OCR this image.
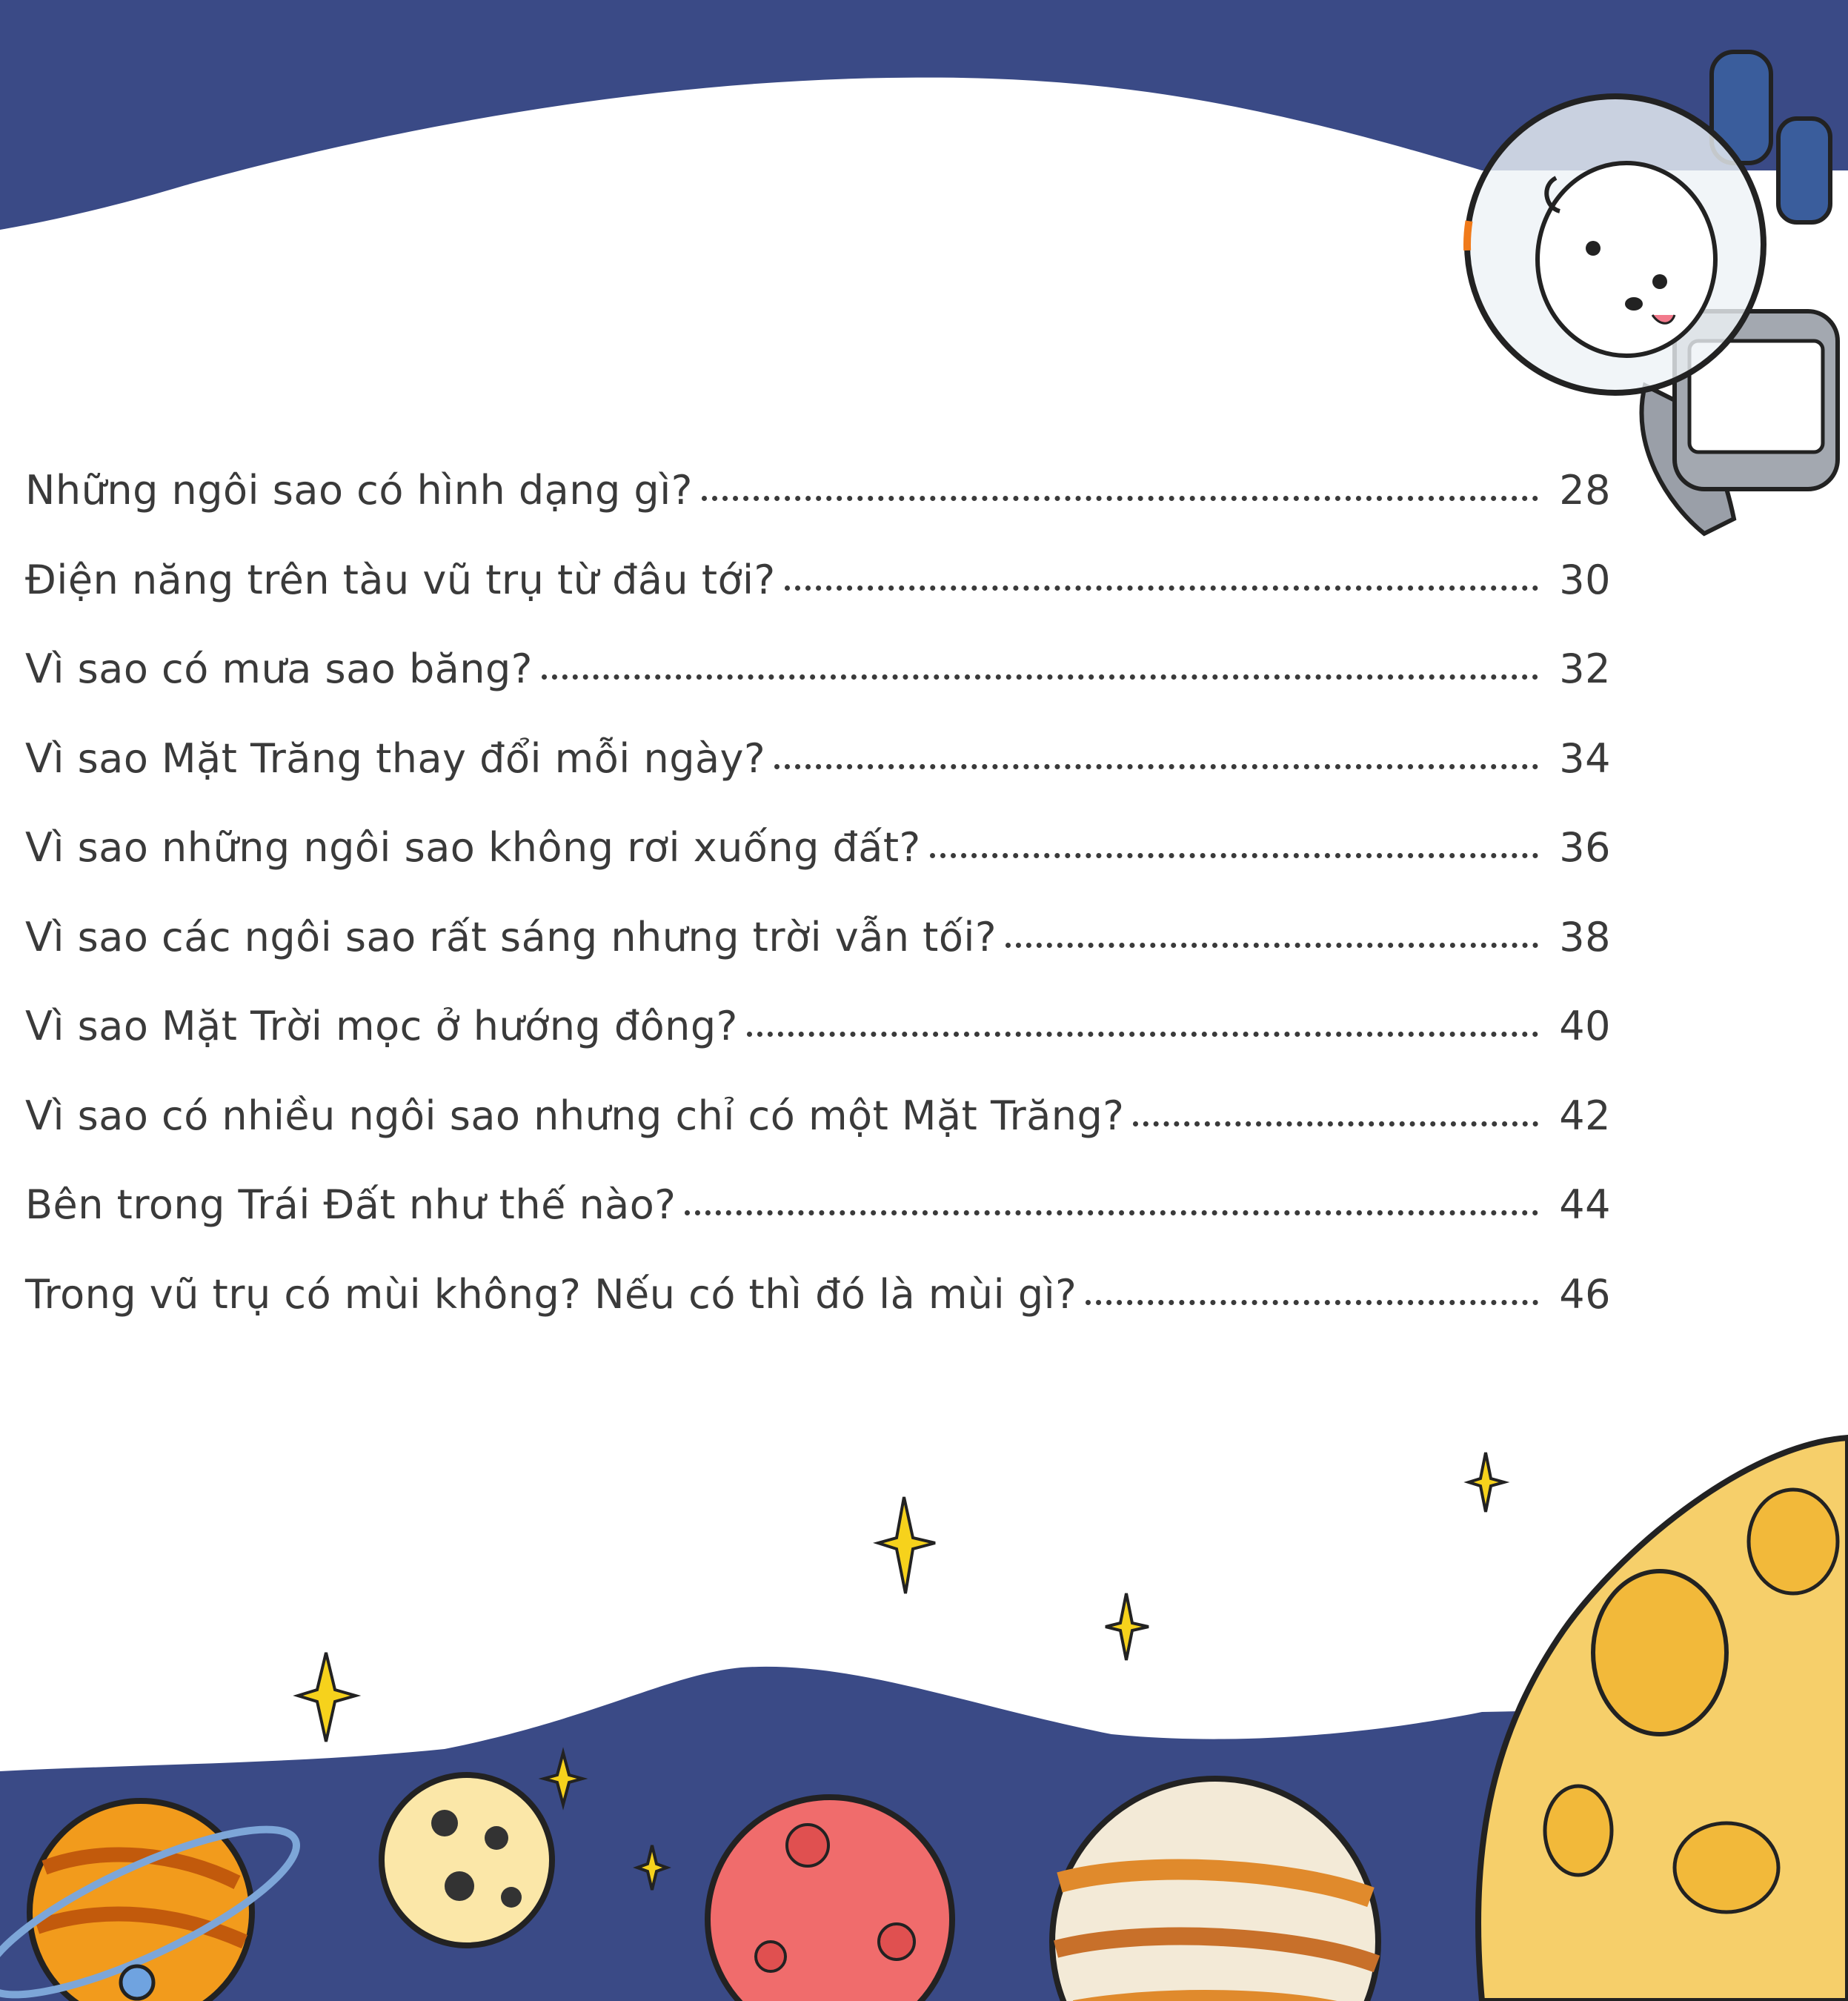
Những ngôi sao có hình dạng gì?	28
Điện năng trên tàu vũ trụ từ đâu tới?	30
Vì sao có mưa sao băng?	32
Vì sao Mặt Trăng thay đổi mỗi ngày?	34
Vì sao những ngôi sao không rơi xuống đất?	36
Vì sao các ngôi sao rất sáng nhưng trời vẫn tối?	38
Vì sao Mặt Trời mọc ở hướng đông?	40
Vì sao có nhiều ngôi sao nhưng chỉ có một Mặt Trăng?	42
Bên trong Trái Đất như thế nào?	44
Trong vũ trụ có mùi không? Nếu có thì đó là mùi gì?	46
